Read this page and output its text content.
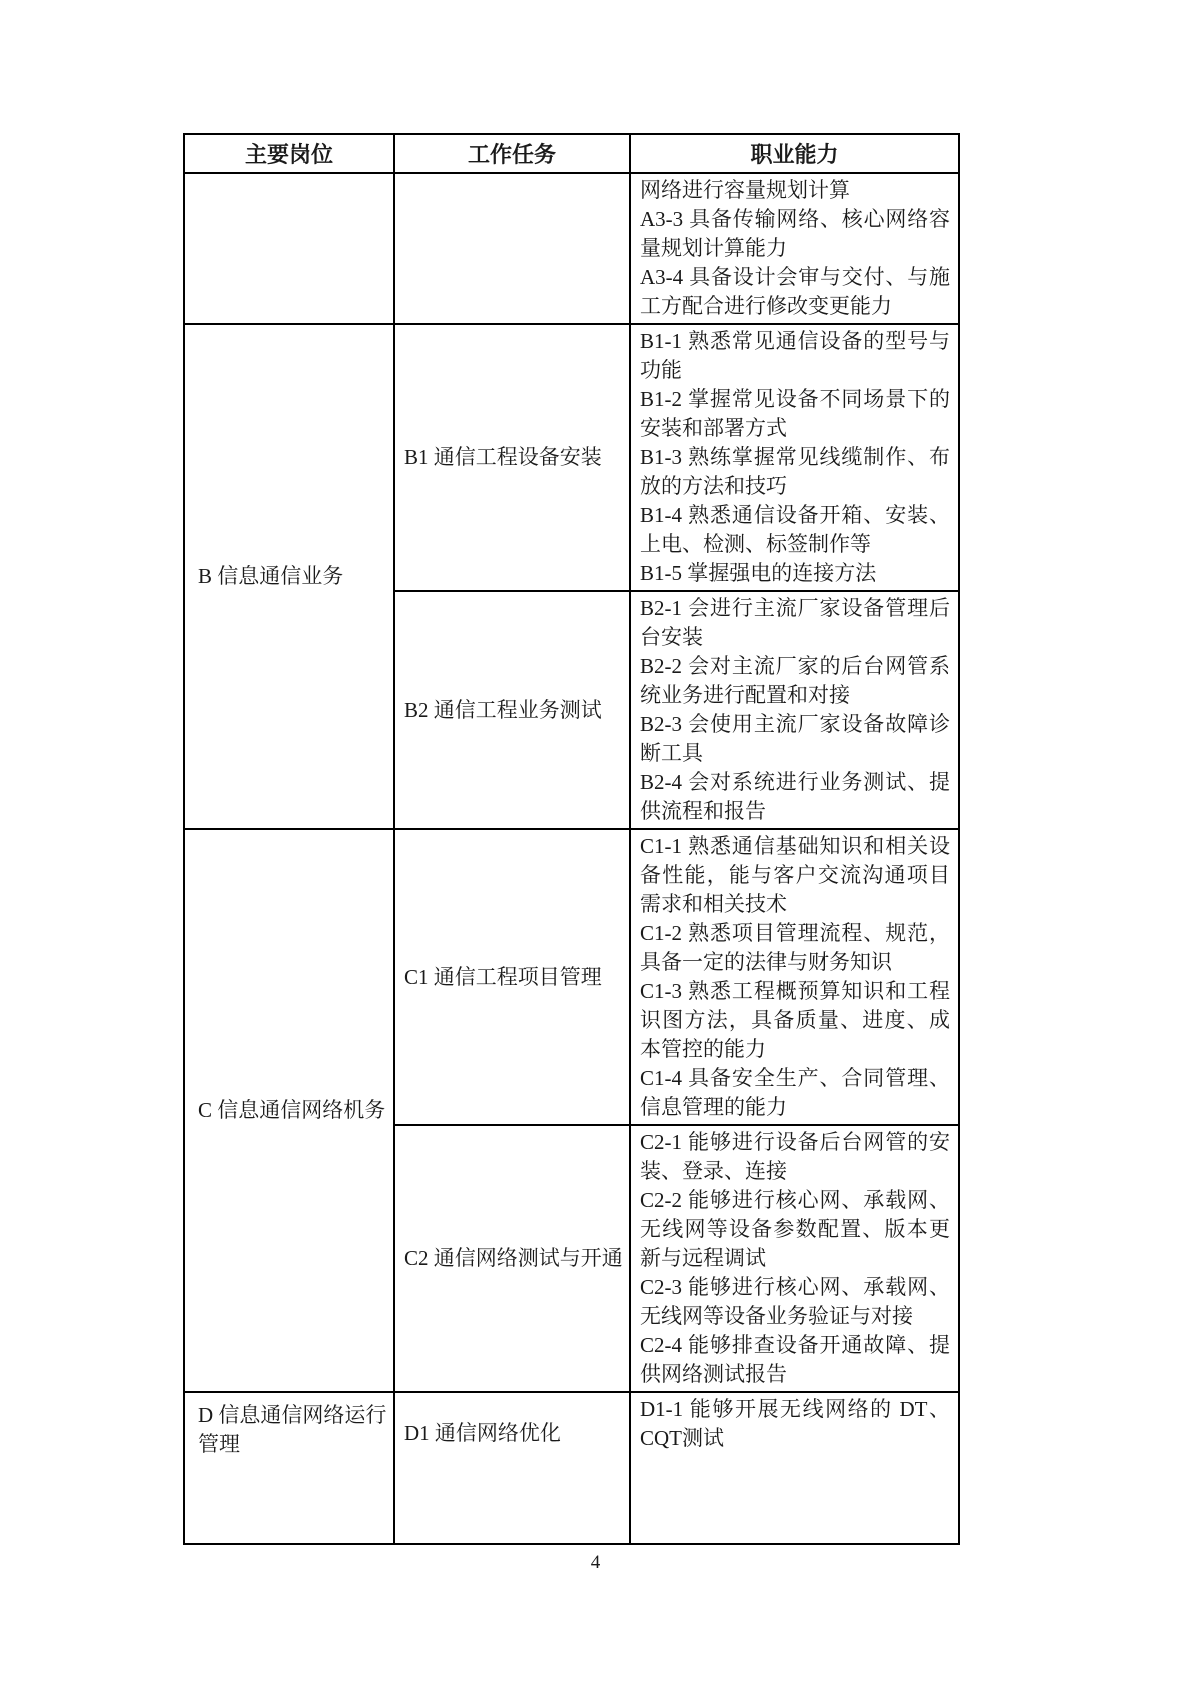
主要岗位	工作任务	职业能力

		网络进行容量规划计算

A3-3 具备传输网络、核心网络容量规划计算能力

A3-4 具备设计会审与交付、与施工方配合进行修改变更能力

B 信息通信业务	B1 通信工程设备安装	B1-1 熟悉常见通信设备的型号与功能

B1-2 掌握常见设备不同场景下的安装和部署方式

B1-3 熟练掌握常见线缆制作、布放的方法和技巧

B1-4 熟悉通信设备开箱、安装、上电、检测、标签制作等

B1-5 掌握强电的连接方法

	B2 通信工程业务测试	B2-1 会进行主流厂家设备管理后台安装

B2-2 会对主流厂家的后台网管系统业务进行配置和对接

B2-3 会使用主流厂家设备故障诊断工具

B2-4 会对系统进行业务测试、提供流程和报告

C 信息通信网络机务	C1 通信工程项目管理	C1-1 熟悉通信基础知识和相关设备性能，能与客户交流沟通项目需求和相关技术

C1-2 熟悉项目管理流程、规范，具备一定的法律与财务知识

C1-3 熟悉工程概预算知识和工程识图方法，具备质量、进度、成本管控的能力

C1-4 具备安全生产、合同管理、信息管理的能力

	C2 通信网络测试与开通	C2-1 能够进行设备后台网管的安装、登录、连接

C2-2 能够进行核心网、承载网、无线网等设备参数配置、版本更新与远程调试

C2-3 能够进行核心网、承载网、无线网等设备业务验证与对接

C2-4 能够排查设备开通故障、提供网络测试报告

D 信息通信网络运行管理	D1 通信网络优化	D1-1 能够开展无线网络的 DT、CQT测试

4
